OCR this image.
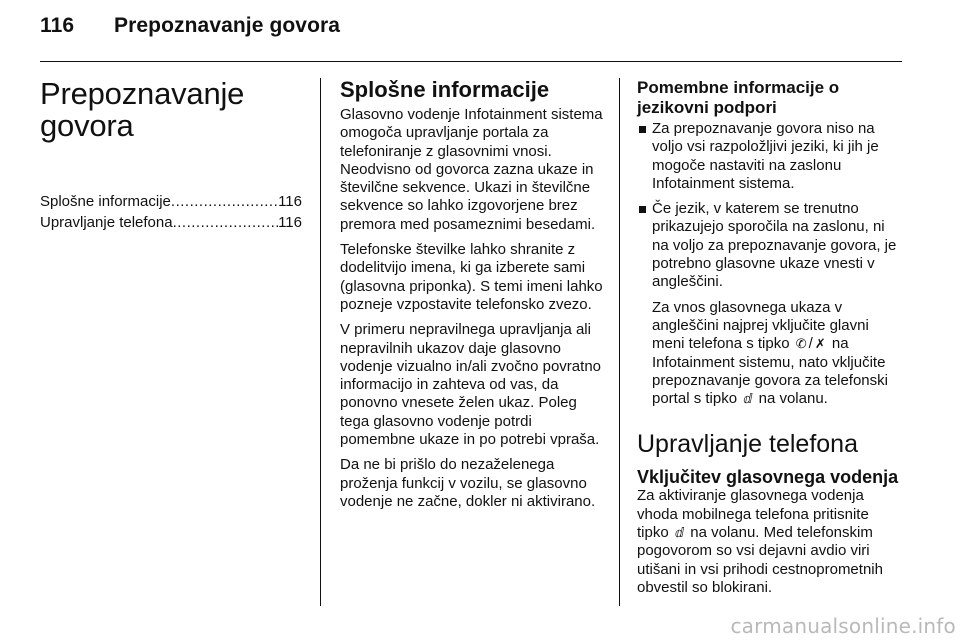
116 Prepoznavanje govora
Prepoznavanje
govora
Splošne informacije .....	116
Upravljanje telefona .....	116
Splošne informacije

Glasovno vodenje Infotainment sistema omogoča upravljanje portala za telefoniranje z glasovnimi vnosi. Neodvisno od govorca zazna ukaze in številčne sekvence. Ukazi in številčne sekvence so lahko izgovorjene brez premora med posameznimi besedami.

Telefonske številke lahko shranite z dodelitvijo imena, ki ga izberete sami (glasovna priponka). S temi imeni lahko pozneje vzpostavite telefonsko zvezo.

V primeru nepravilnega upravljanja ali nepravilnih ukazov daje glasovno vodenje vizualno in/ali zvočno povratno informacijo in zahteva od vas, da ponovno vnesete želen ukaz. Poleg tega glasovno vodenje potrdi pomembne ukaze in po potrebi vpraša.

Da ne bi prišlo do nezaželenega proženja funkcij v vozilu, se glasovno vodenje ne začne, dokler ni aktivirano.

Pomembne informacije o jezikovni podpori

Za prepoznavanje govora niso na voljo vsi razpoložljivi jeziki, ki jih je mogoče nastaviti na zaslonu Infotainment sistema.

Če jezik, v katerem se trenutno prikazujejo sporočila na zaslonu, ni na voljo za prepoznavanje govora, je potrebno glasovne ukaze vnesti v angleščini.

Za vnos glasovnega ukaza v angleščini najprej vključite glavni meni telefona s tipko ✆ / ✗ na Infotainment sistemu, nato vključite prepoznavanje govora za telefonski portal s tipko ⅆ na volanu.

Upravljanje telefona
Vključitev glasovnega vodenja

Za aktiviranje glasovnega vodenja vhoda mobilnega telefona pritisnite tipko ⅆ na volanu. Med telefonskim pogovorom so vsi dejavni avdio viri utišani in vsi prihodi cestnoprometnih obvestil so blokirani.

carmanualsonline.info
